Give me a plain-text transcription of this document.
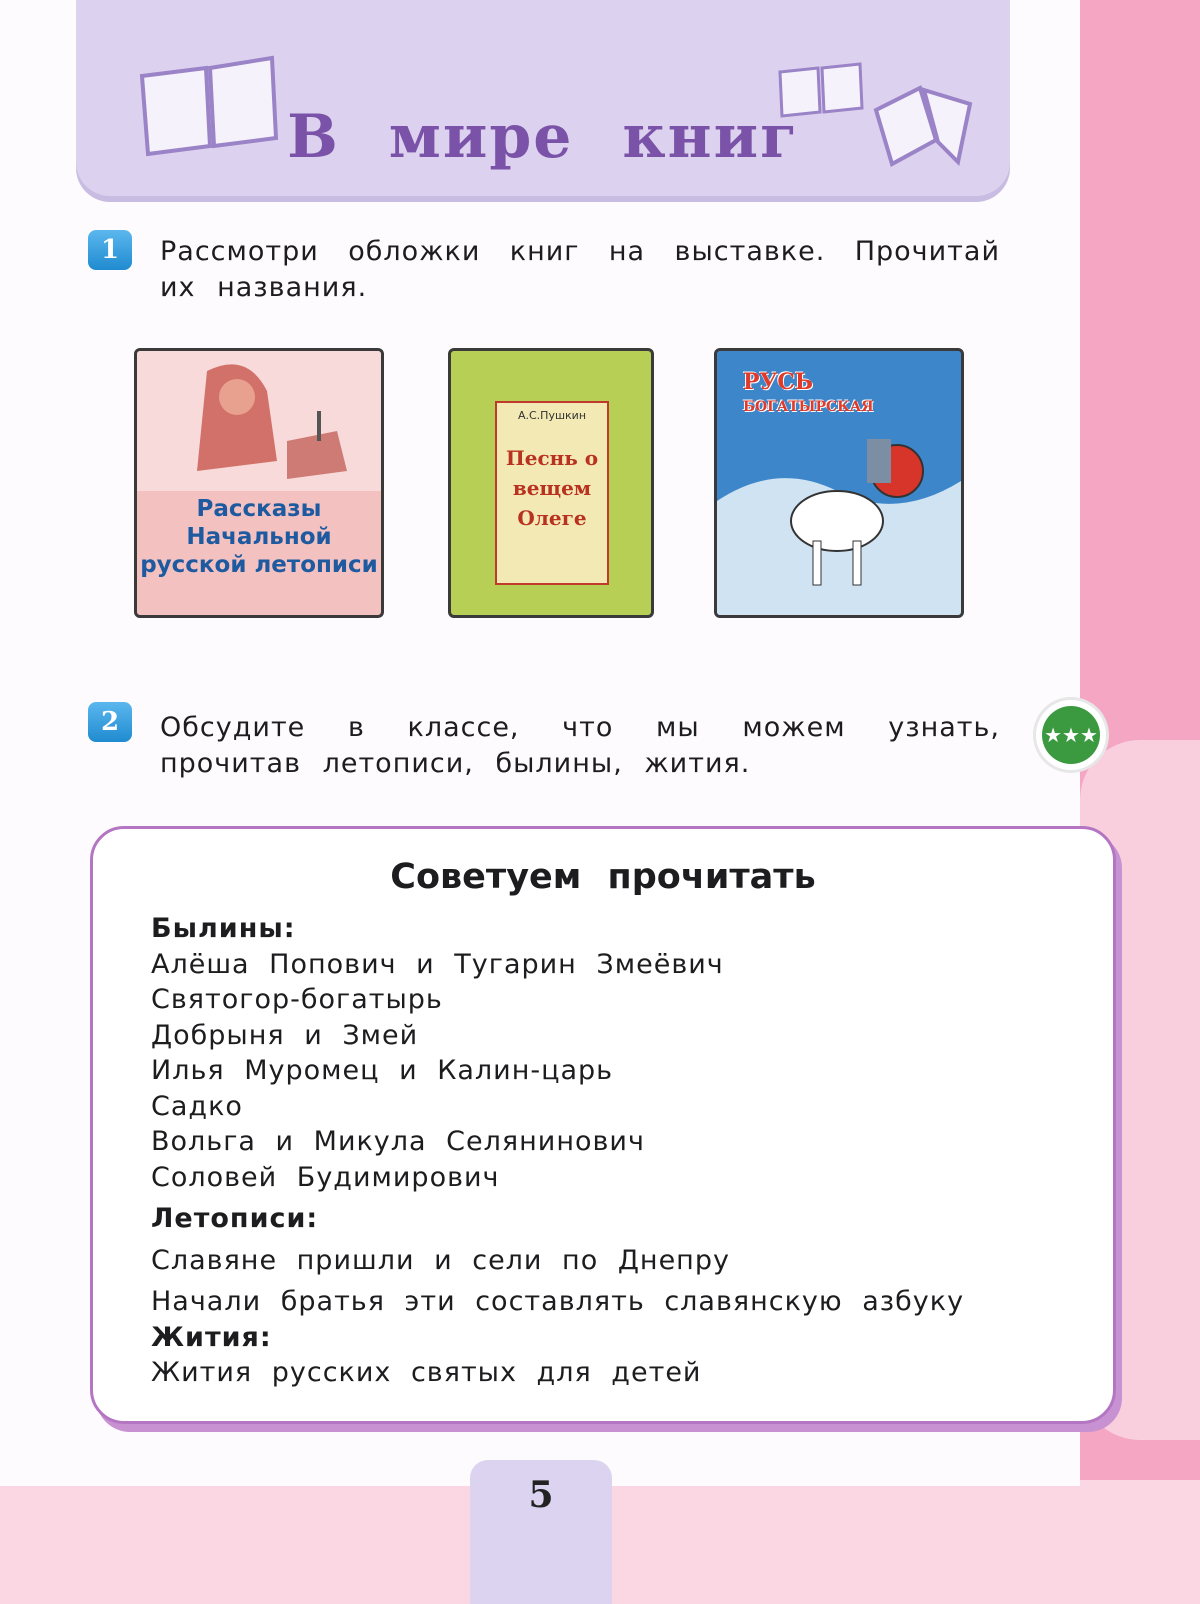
В мире книг
1	Рассмотри обложки книг на выставке. Прочитай их названия.
Рассказы Начальной русской летописи
А.С.Пушкин
Песнь о вещем Олеге
РУСЬ
БОГАТЫРСКАЯ
2	Обсудите в классе, что мы можем узнать, прочитав летописи, былины, жития.
★★★
Советуем прочитать
Былины:
Алёша Попович и Тугарин Змеёвич
Святогор-богатырь
Добрыня и Змей
Илья Муромец и Калин-царь
Садко
Вольга и Микула Селянинович
Соловей Будимирович
Летописи:
Славяне пришли и сели по Днепру
Начали братья эти составлять славянскую азбуку
Жития:
Жития русских святых для детей
5
